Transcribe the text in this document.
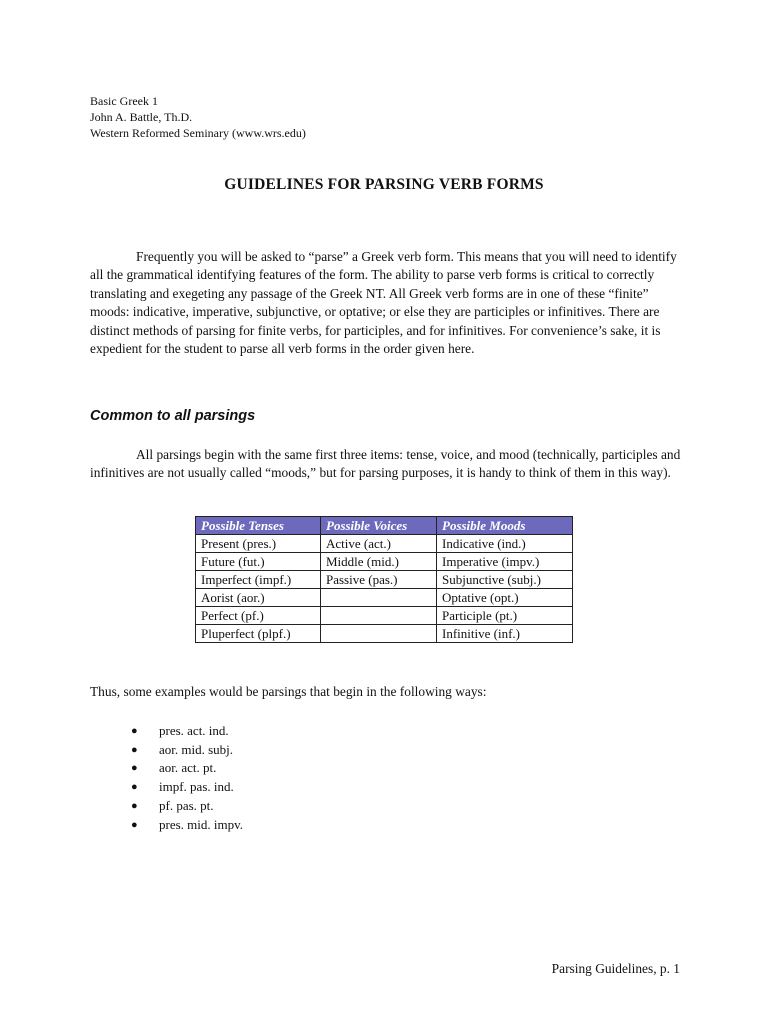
Basic Greek 1
John A. Battle, Th.D.
Western Reformed Seminary (www.wrs.edu)
GUIDELINES FOR PARSING VERB FORMS

Frequently you will be asked to “parse” a Greek verb form. This means that you will need to identify all the grammatical identifying features of the form. The ability to parse verb forms is critical to correctly translating and exegeting any passage of the Greek NT. All Greek verb forms are in one of these “finite” moods: indicative, imperative, subjunctive, or optative; or else they are participles or infinitives. There are distinct methods of parsing for finite verbs, for participles, and for infinitives. For convenience’s sake, it is expedient for the student to parse all verb forms in the order given here.

Common to all parsings

All parsings begin with the same first three items: tense, voice, and mood (technically, participles and infinitives are not usually called “moods,” but for parsing purposes, it is handy to think of them in this way).

Possible Tenses	Possible Voices	Possible Moods
Present (pres.)	Active (act.)	Indicative (ind.)
Future (fut.)	Middle (mid.)	Imperative (impv.)
Imperfect (impf.)	Passive (pas.)	Subjunctive (subj.)
Aorist (aor.)		Optative (opt.)
Perfect (pf.)		Participle (pt.)
Pluperfect (plpf.)		Infinitive (inf.)
Thus, some examples would be parsings that begin in the following ways:
● pres. act. ind.
● aor. mid. subj.
● aor. act. pt.
● impf. pas. ind.
● pf. pas. pt.
● pres. mid. impv.
Parsing Guidelines, p. 1
